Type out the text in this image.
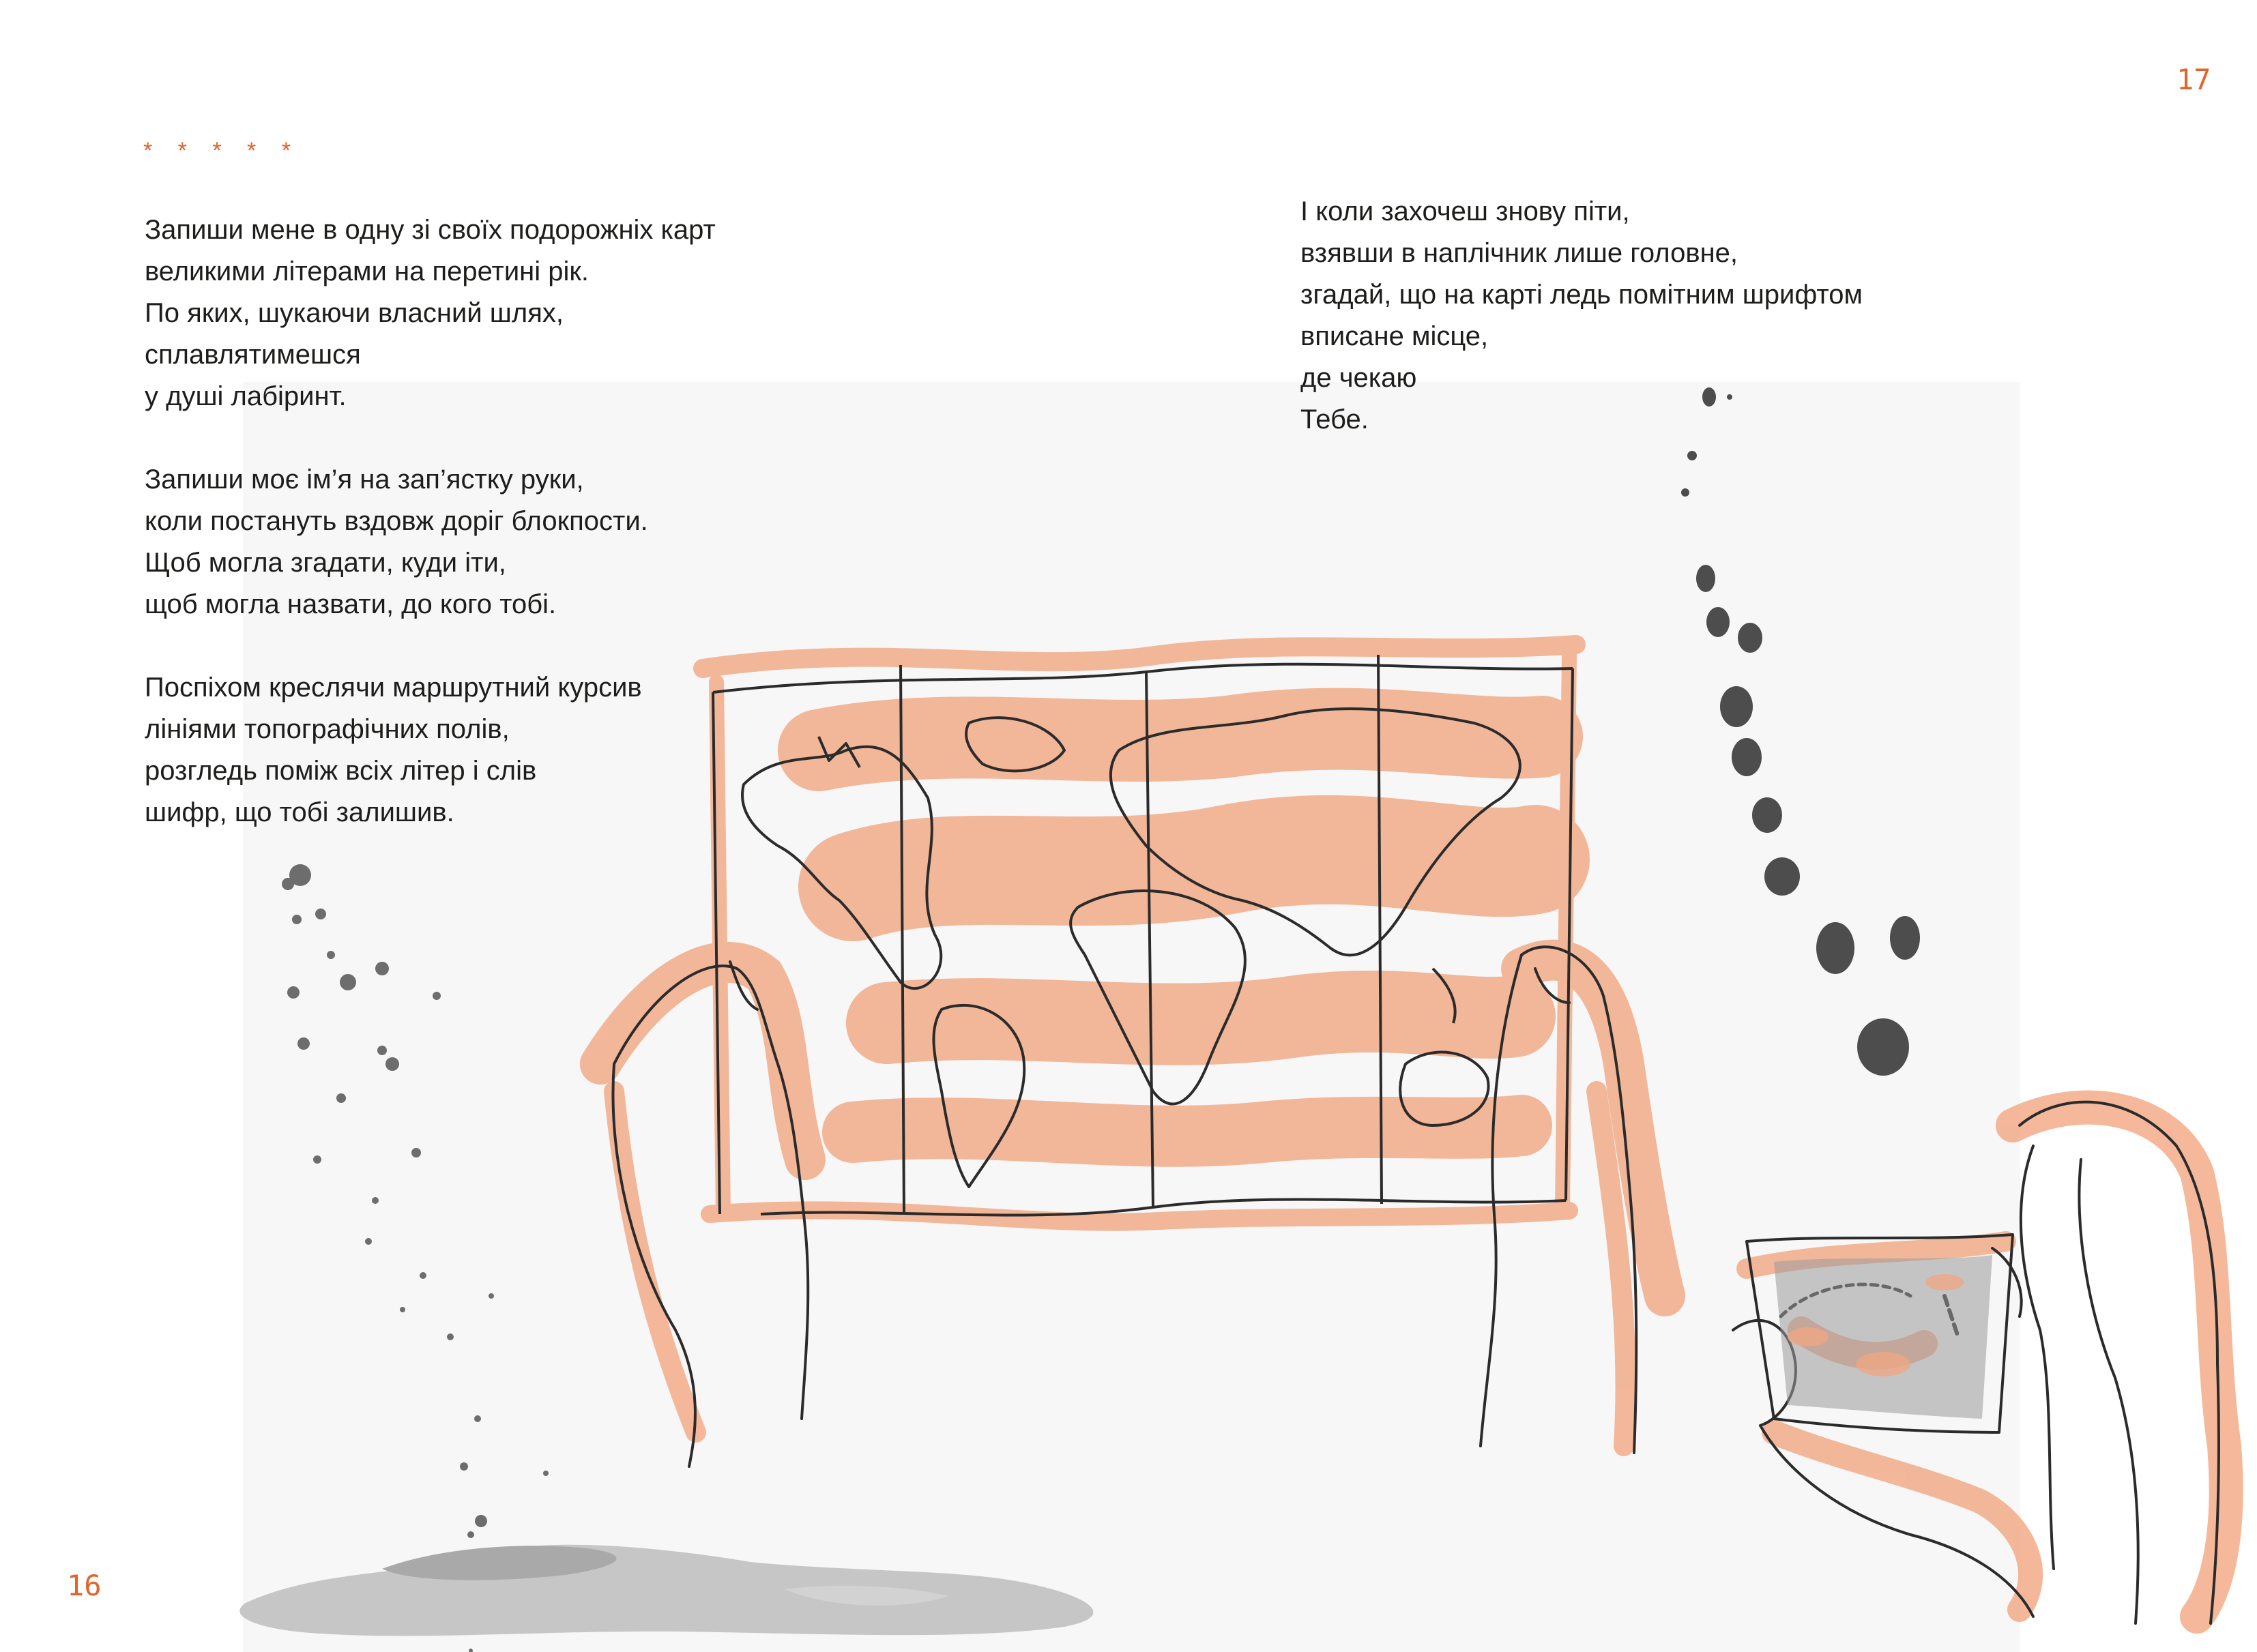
17
16
* * * * *
Запиши мене в одну зі своїх подорожніх карт
великими літерами на перетині рік.
По яких, шукаючи власний шлях,
сплавлятимешся
у душі лабіринт.
Запиши моє ім’я на зап’ястку руки,
коли постануть вздовж доріг блокпости.
Щоб могла згадати, куди іти,
щоб могла назвати, до кого тобі.
Поспіхом креслячи маршрутний курсив
лініями топографічних полів,
розгледь поміж всіх літер і слів
шифр, що тобі залишив.
І коли захочеш знову піти,
взявши в наплічник лише головне,
згадай, що на карті ледь помітним шрифтом
вписане місце,
де чекаю
Тебе.
